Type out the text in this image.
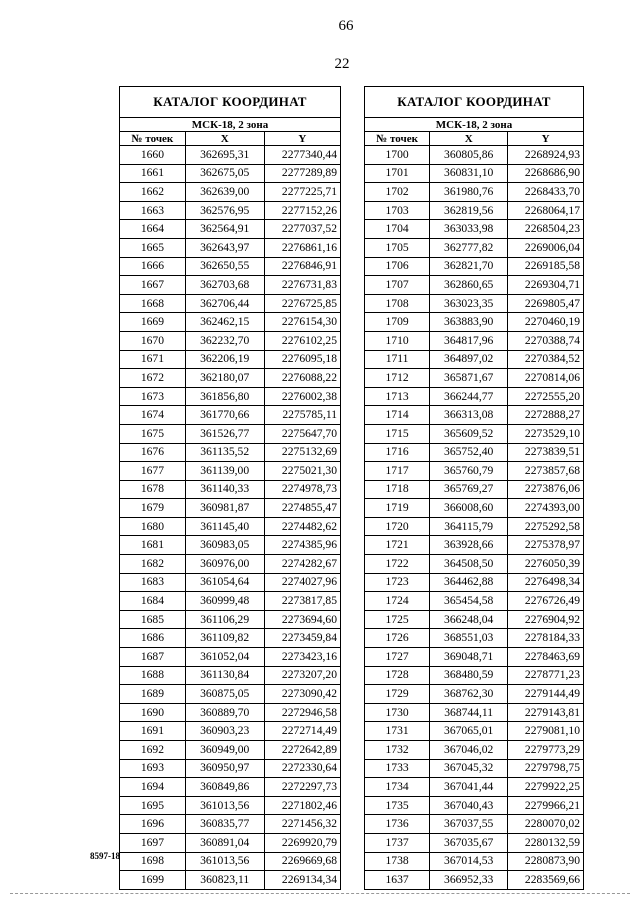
66
22
КАТАЛОГ КООРДИНАТ		
МСК-18, 2 зона		
№ точек	X	Y
1660	362695,31	2277340,44
1661	362675,05	2277289,89
1662	362639,00	2277225,71
1663	362576,95	2277152,26
1664	362564,91	2277037,52
1665	362643,97	2276861,16
1666	362650,55	2276846,91
1667	362703,68	2276731,83
1668	362706,44	2276725,85
1669	362462,15	2276154,30
1670	362232,70	2276102,25
1671	362206,19	2276095,18
1672	362180,07	2276088,22
1673	361856,80	2276002,38
1674	361770,66	2275785,11
1675	361526,77	2275647,70
1676	361135,52	2275132,69
1677	361139,00	2275021,30
1678	361140,33	2274978,73
1679	360981,87	2274855,47
1680	361145,40	2274482,62
1681	360983,05	2274385,96
1682	360976,00	2274282,67
1683	361054,64	2274027,96
1684	360999,48	2273817,85
1685	361106,29	2273694,60
1686	361109,82	2273459,84
1687	361052,04	2273423,16
1688	361130,84	2273207,20
1689	360875,05	2273090,42
1690	360889,70	2272946,58
1691	360903,23	2272714,49
1692	360949,00	2272642,89
1693	360950,97	2272330,64
1694	360849,86	2272297,73
1695	361013,56	2271802,46
1696	360835,77	2271456,32
1697	360891,04	2269920,79
1698	361013,56	2269669,68
1699	360823,11	2269134,34
КАТАЛОГ КООРДИНАТ		
МСК-18, 2 зона		
№ точек	X	Y
1700	360805,86	2268924,93
1701	360831,10	2268686,90
1702	361980,76	2268433,70
1703	362819,56	2268064,17
1704	363033,98	2268504,23
1705	362777,82	2269006,04
1706	362821,70	2269185,58
1707	362860,65	2269304,71
1708	363023,35	2269805,47
1709	363883,90	2270460,19
1710	364817,96	2270388,74
1711	364897,02	2270384,52
1712	365871,67	2270814,06
1713	366244,77	2272555,20
1714	366313,08	2272888,27
1715	365609,52	2273529,10
1716	365752,40	2273839,51
1717	365760,79	2273857,68
1718	365769,27	2273876,06
1719	366008,60	2274393,00
1720	364115,79	2275292,58
1721	363928,66	2275378,97
1722	364508,50	2276050,39
1723	364462,88	2276498,34
1724	365454,58	2276726,49
1725	366248,04	2276904,92
1726	368551,03	2278184,33
1727	369048,71	2278463,69
1728	368480,59	2278771,23
1729	368762,30	2279144,49
1730	368744,11	2279143,81
1731	367065,01	2279081,10
1732	367046,02	2279773,29
1733	367045,32	2279798,75
1734	367041,44	2279922,25
1735	367040,43	2279966,21
1736	367037,55	2280070,02
1737	367035,67	2280132,59
1738	367014,53	2280873,90
1637	366952,33	2283569,66
8597-18
